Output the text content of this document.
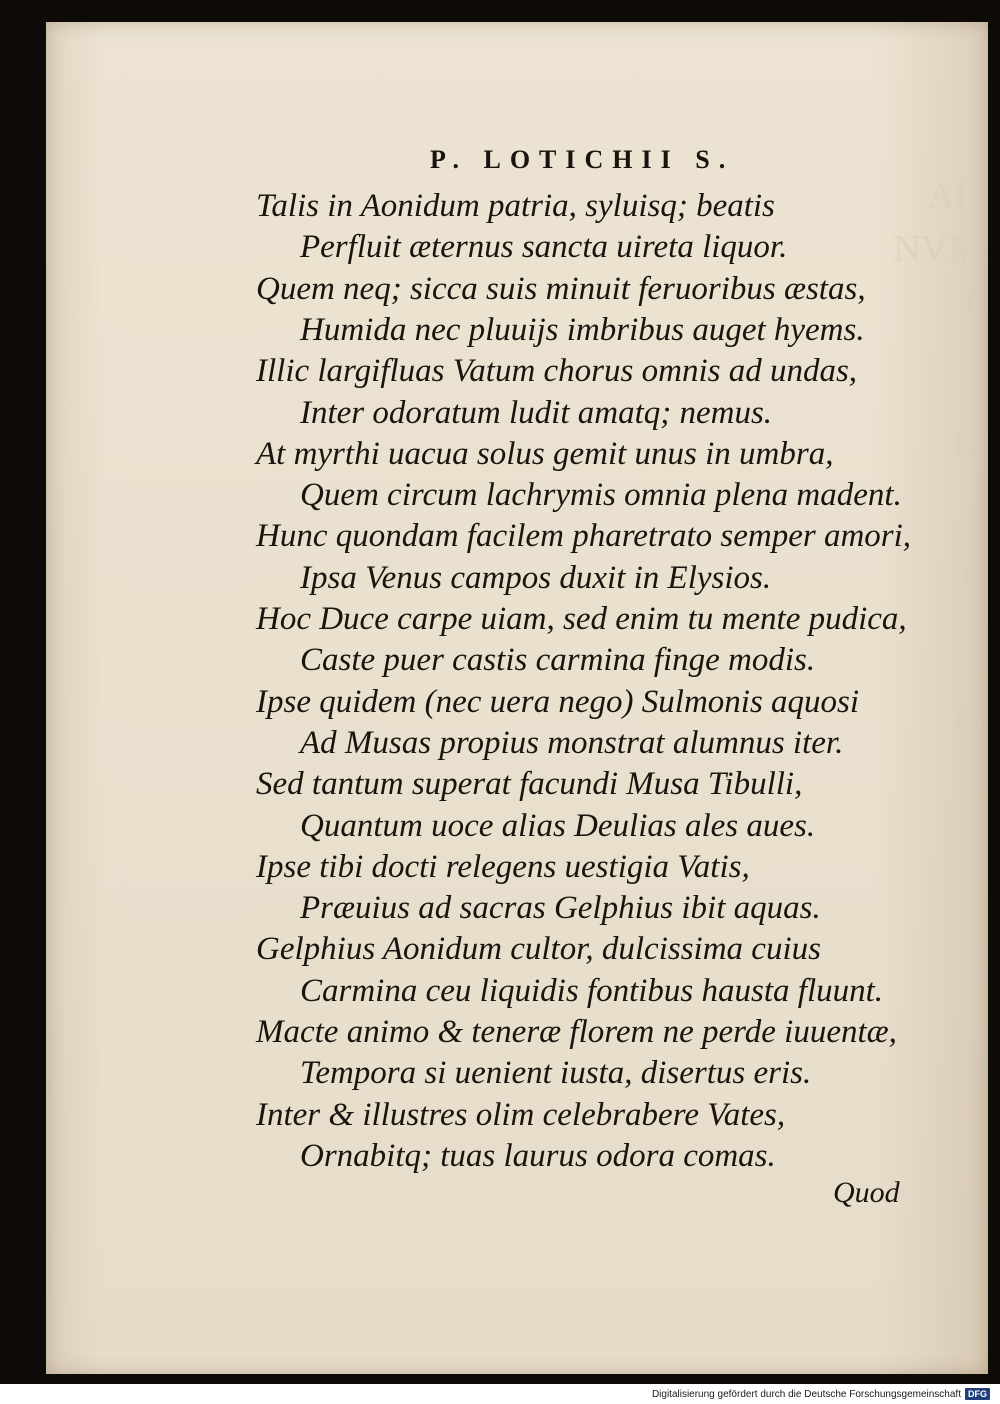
AD
NVM
T
Q
S
Q
P. LOTICHII S.
Talis in Aonidum patria, syluisq; beatis
Perfluit æternus sancta uireta liquor.
Quem neq; sicca suis minuit feruoribus æstas,
Humida nec pluuijs imbribus auget hyems.
Illic largifluas Vatum chorus omnis ad undas,
Inter odoratum ludit amatq; nemus.
At myrthi uacua solus gemit unus in umbra,
Quem circum lachrymis omnia plena madent.
Hunc quondam facilem pharetrato semper amori,
Ipsa Venus campos duxit in Elysios.
Hoc Duce carpe uiam, sed enim tu mente pudica,
Caste puer castis carmina finge modis.
Ipse quidem (nec uera nego) Sulmonis aquosi
Ad Musas propius monstrat alumnus iter.
Sed tantum superat facundi Musa Tibulli,
Quantum uoce alias Deulias ales aues.
Ipse tibi docti relegens uestigia Vatis,
Præuius ad sacras Gelphius ibit aquas.
Gelphius Aonidum cultor, dulcissima cuius
Carmina ceu liquidis fontibus hausta fluunt.
Macte animo & teneræ florem ne perde iuuentæ,
Tempora si uenient iusta, disertus eris.
Inter & illustres olim celebrabere Vates,
Ornabitq; tuas laurus odora comas.
Quod
Digitalisierung gefördert durch die Deutsche Forschungsgemeinschaft DFG
